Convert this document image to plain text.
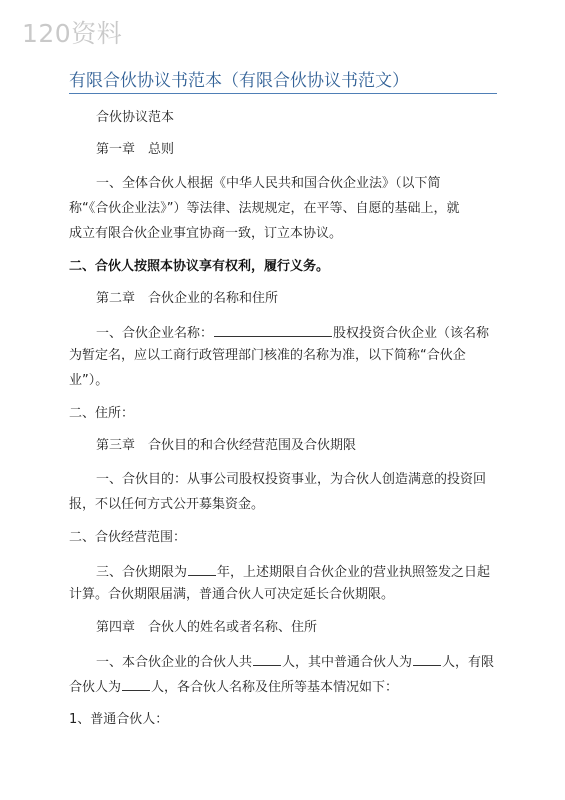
120资料
有限合伙协议书范本（有限合伙协议书范文）
合伙协议范本
第一章　总则
一、全体合伙人根据《中华人民共和国合伙企业法》（以下简
称“《合伙企业法》”）等法律、法规规定，在平等、自愿的基础上，就
成立有限合伙企业事宜协商一致，订立本协议。
二、合伙人按照本协议享有权利，履行义务。
第二章　合伙企业的名称和住所
一、合伙企业名称：	股权投资合伙企业（该名称
为暂定名，应以工商行政管理部门核准的名称为准，以下简称“合伙企
业”）。
二、住所：
第三章　合伙目的和合伙经营范围及合伙期限
一、合伙目的：从事公司股权投资事业，为合伙人创造满意的投资回
报，不以任何方式公开募集资金。
二、合伙经营范围：
三、合伙期限为 年，上述期限自合伙企业的营业执照签发之日起
计算。合伙期限届满，普通合伙人可决定延长合伙期限。
第四章　合伙人的姓名或者名称、住所
一、本合伙企业的合伙人共 人，其中普通合伙人为 人，有限
合伙人为 人，各合伙人名称及住所等基本情况如下：
1、普通合伙人：
